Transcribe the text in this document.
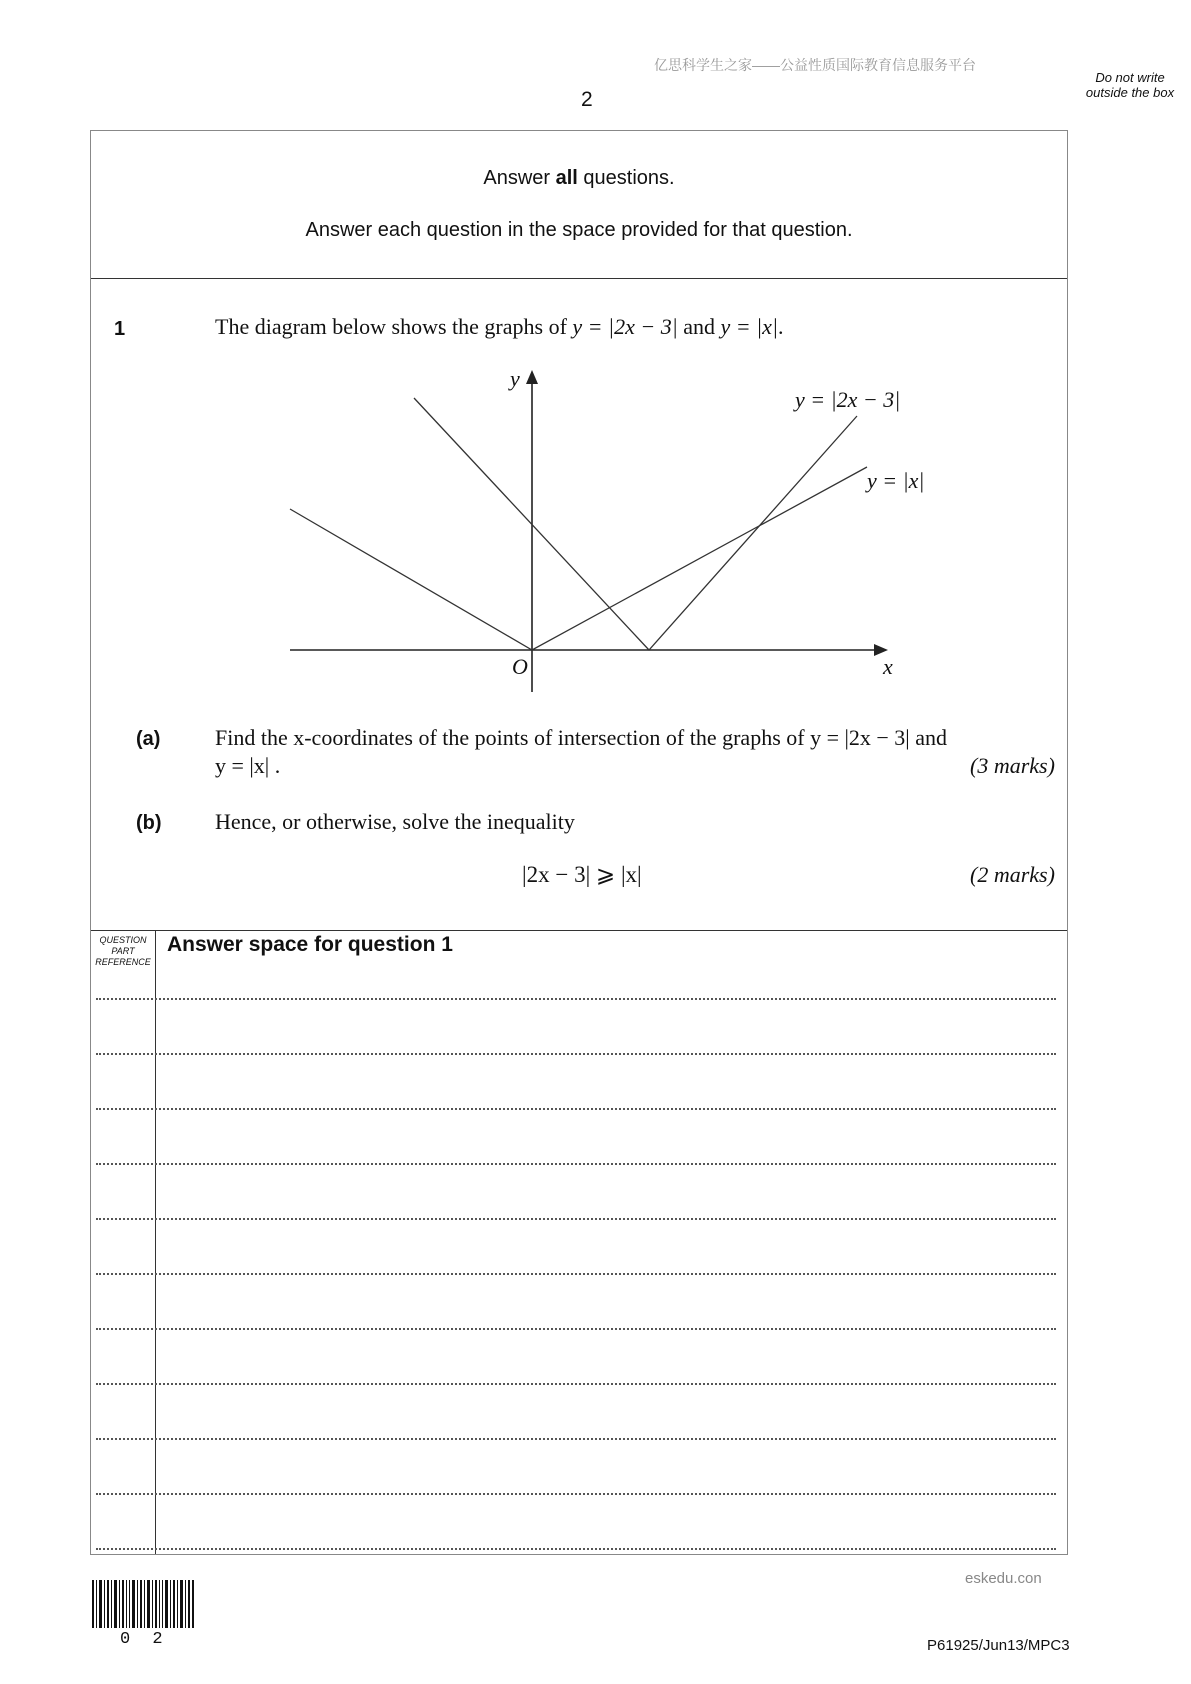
亿思科学生之家——公益性质国际教育信息服务平台
2
Do not write outside the box
Answer all questions.
Answer each question in the space provided for that question.
1	The diagram below shows the graphs of y = |2x − 3| and y = |x|.
y
x
O
y = |2x − 3|
y = |x|
(a) Find the x-coordinates of the points of intersection of the graphs of y = |2x − 3| and
y = |x| .	(3 marks)
(b) Hence, or otherwise, solve the inequality
|2x − 3| ⩾ |x|	(2 marks)
QUESTION PART REFERENCE
Answer space for question 1
0 2
eskedu.con
P61925/Jun13/MPC3
